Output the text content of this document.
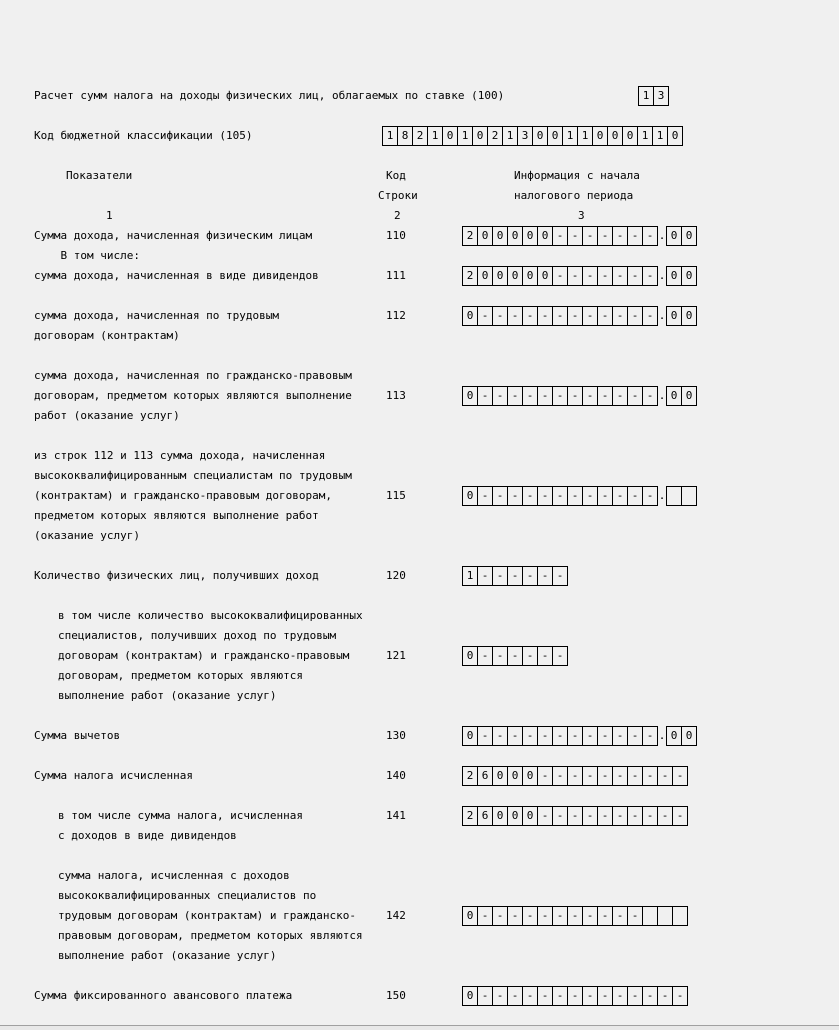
Расчет сумм налога на доходы физических лиц, облагаемых по ставке (100)	1 3
Код бюджетной классификации (105)	1 8 2 1 0 1 0 2 1 3 0 0 1 1 0 0 0 1 1 0
Показатели	Код
Строки
Информация с начала
налогового периода
1	2	3
Сумма дохода, начисленная физическим лицам	110	2 0 0 0 0 0 - - - - - - - . 0 0
В том числе:
сумма дохода, начисленная в виде дивидендов	111	2 0 0 0 0 0 - - - - - - - . 0 0
сумма дохода, начисленная по трудовым
договорам (контрактам)
112	0 - - - - - - - - - - - - . 0 0
сумма дохода, начисленная по гражданско-правовым
договорам, предметом которых являются выполнение
работ (оказание услуг)
113	0 - - - - - - - - - - - - . 0 0
из строк 112 и 113 сумма дохода, начисленная
высококвалифицированным специалистам по трудовым
(контрактам) и гражданско-правовым договорам,
предметом которых являются выполнение работ
(оказание услуг)
115	0 - - - - - - - - - - - - .
Количество физических лиц, получивших доход	120	1 - - - - - -
в том числе количество высококвалифицированных
специалистов, получивших доход по трудовым
договорам (контрактам) и гражданско-правовым
договорам, предметом которых являются
выполнение работ (оказание услуг)
121	0 - - - - - -
Сумма вычетов	130	0 - - - - - - - - - - - - . 0 0
Сумма налога исчисленная	140	2 6 0 0 0 - - - - - - - - - -
в том числе сумма налога, исчисленная
с доходов в виде дивидендов
141	2 6 0 0 0 - - - - - - - - - -
сумма налога, исчисленная с доходов
высококвалифицированных специалистов по
трудовым договорам (контрактам) и гражданско-
правовым договорам, предметом которых являются
выполнение работ (оказание услуг)
142	0 - - - - - - - - - - -
Сумма фиксированного авансового платежа	150	0 - - - - - - - - - - - - - -
